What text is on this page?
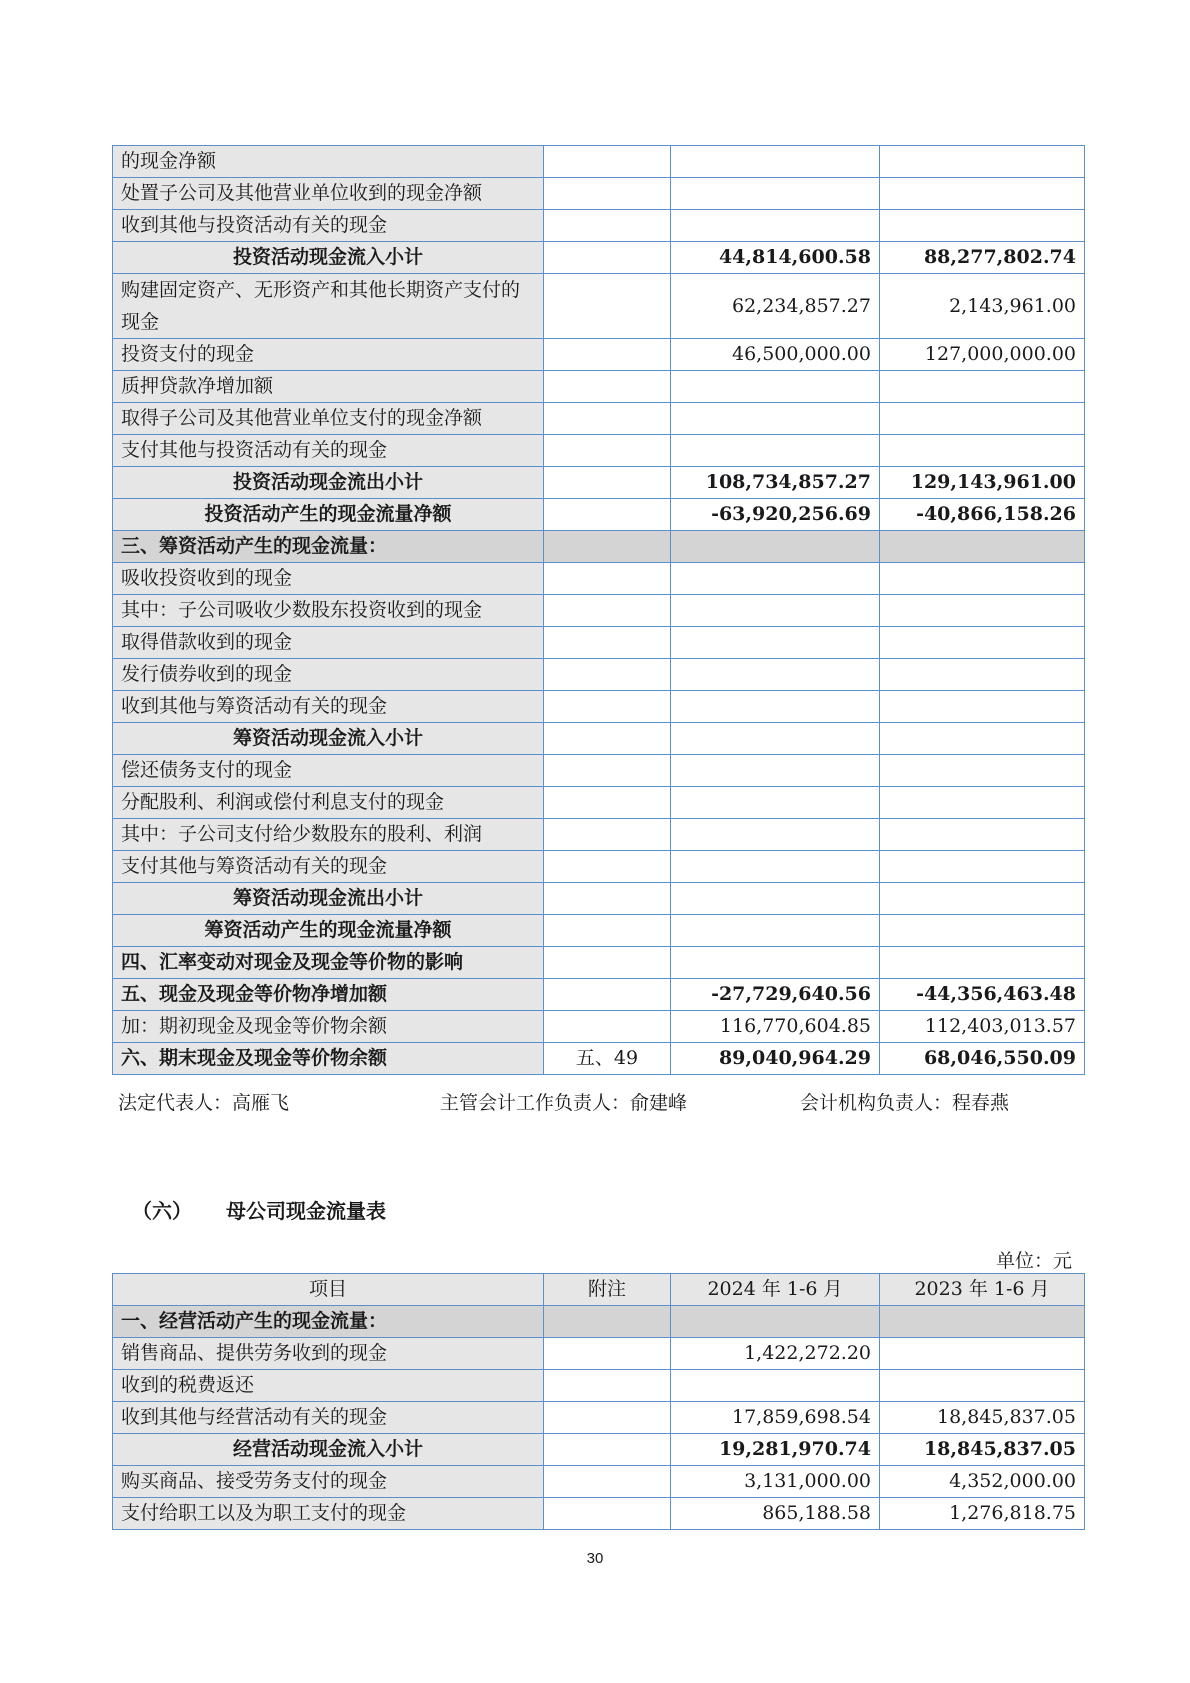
的现金净额			
处置子公司及其他营业单位收到的现金净额			
收到其他与投资活动有关的现金			
投资活动现金流入小计		44,814,600.58	88,277,802.74
购建固定资产、无形资产和其他长期资产支付的现金		62,234,857.27	2,143,961.00
投资支付的现金		46,500,000.00	127,000,000.00
质押贷款净增加额			
取得子公司及其他营业单位支付的现金净额			
支付其他与投资活动有关的现金			
投资活动现金流出小计		108,734,857.27	129,143,961.00
投资活动产生的现金流量净额		-63,920,256.69	-40,866,158.26
三、筹资活动产生的现金流量：			
吸收投资收到的现金			
其中：子公司吸收少数股东投资收到的现金			
取得借款收到的现金			
发行债券收到的现金			
收到其他与筹资活动有关的现金			
筹资活动现金流入小计			
偿还债务支付的现金			
分配股利、利润或偿付利息支付的现金			
其中：子公司支付给少数股东的股利、利润			
支付其他与筹资活动有关的现金			
筹资活动现金流出小计			
筹资活动产生的现金流量净额			
四、汇率变动对现金及现金等价物的影响			
五、现金及现金等价物净增加额		-27,729,640.56	-44,356,463.48
加：期初现金及现金等价物余额		116,770,604.85	112,403,013.57
六、期末现金及现金等价物余额	五、49	89,040,964.29	68,046,550.09
法定代表人：高雁飞	主管会计工作负责人：俞建峰	会计机构负责人：程春燕
（六） 母公司现金流量表
单位：元
项目	附注	2024 年 1-6 月	2023 年 1-6 月
一、经营活动产生的现金流量：			
销售商品、提供劳务收到的现金		1,422,272.20	
收到的税费返还			
收到其他与经营活动有关的现金		17,859,698.54	18,845,837.05
经营活动现金流入小计		19,281,970.74	18,845,837.05
购买商品、接受劳务支付的现金		3,131,000.00	4,352,000.00
支付给职工以及为职工支付的现金		865,188.58	1,276,818.75
30
